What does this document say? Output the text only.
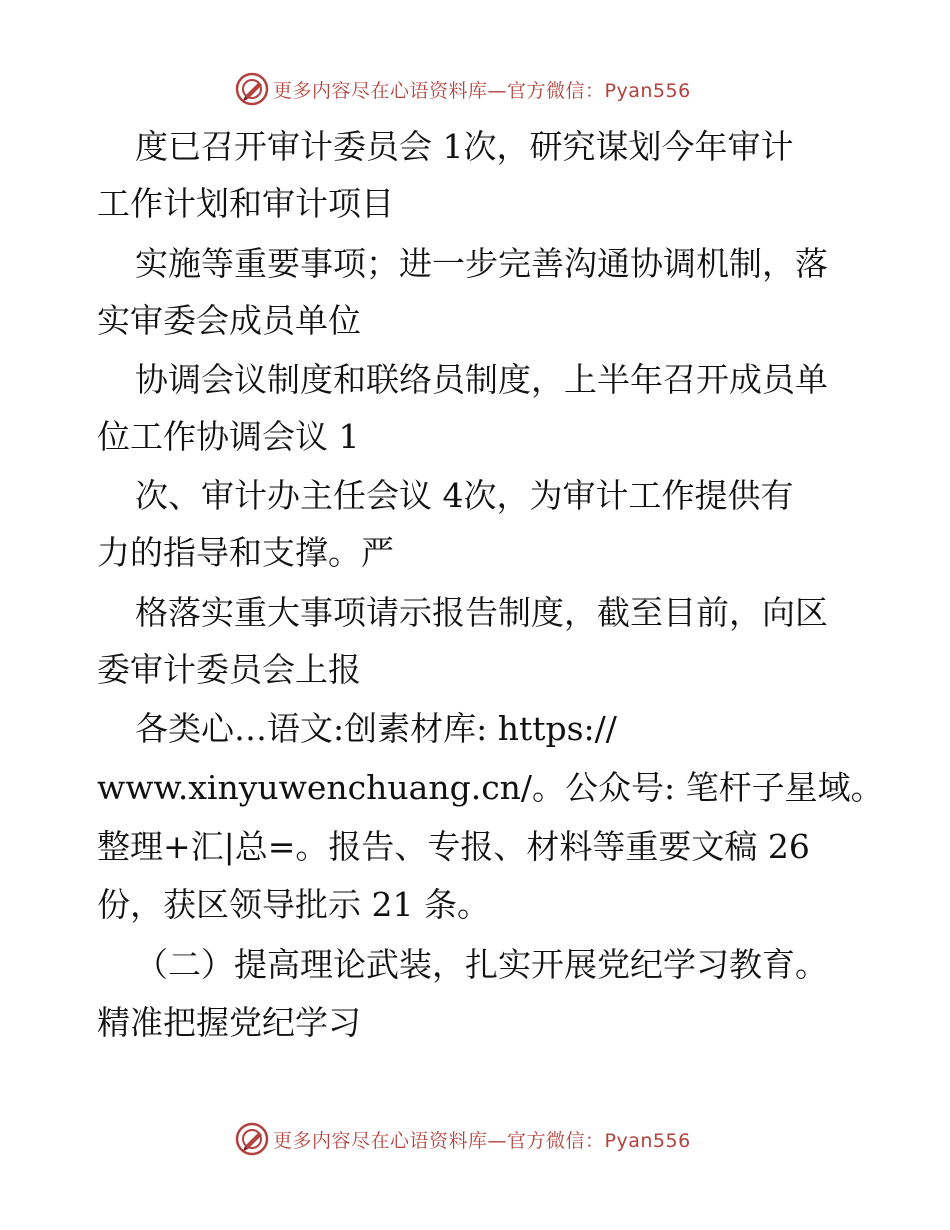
更多内容尽在心语资料库—官方微信：Pyan556
度已召开审计委员会 1次，研究谋划今年审计
工作计划和审计项目
实施等重要事项；进一步完善沟通协调机制，落
实审委会成员单位
协调会议制度和联络员制度，上半年召开成员单
位工作协调会议 1
次、审计办主任会议 4次，为审计工作提供有
力的指导和支撑。严
格落实重大事项请示报告制度，截至目前，向区
委审计委员会上报
各类心…语文:创素材库: https://
www.xinyuwenchuang.cn/。公众号: 笔杆子星域。
整理+汇|总=。报告、专报、材料等重要文稿 26
份，获区领导批示 21 条。
（二）提高理论武装，扎实开展党纪学习教育。
精准把握党纪学习
更多内容尽在心语资料库—官方微信：Pyan556
